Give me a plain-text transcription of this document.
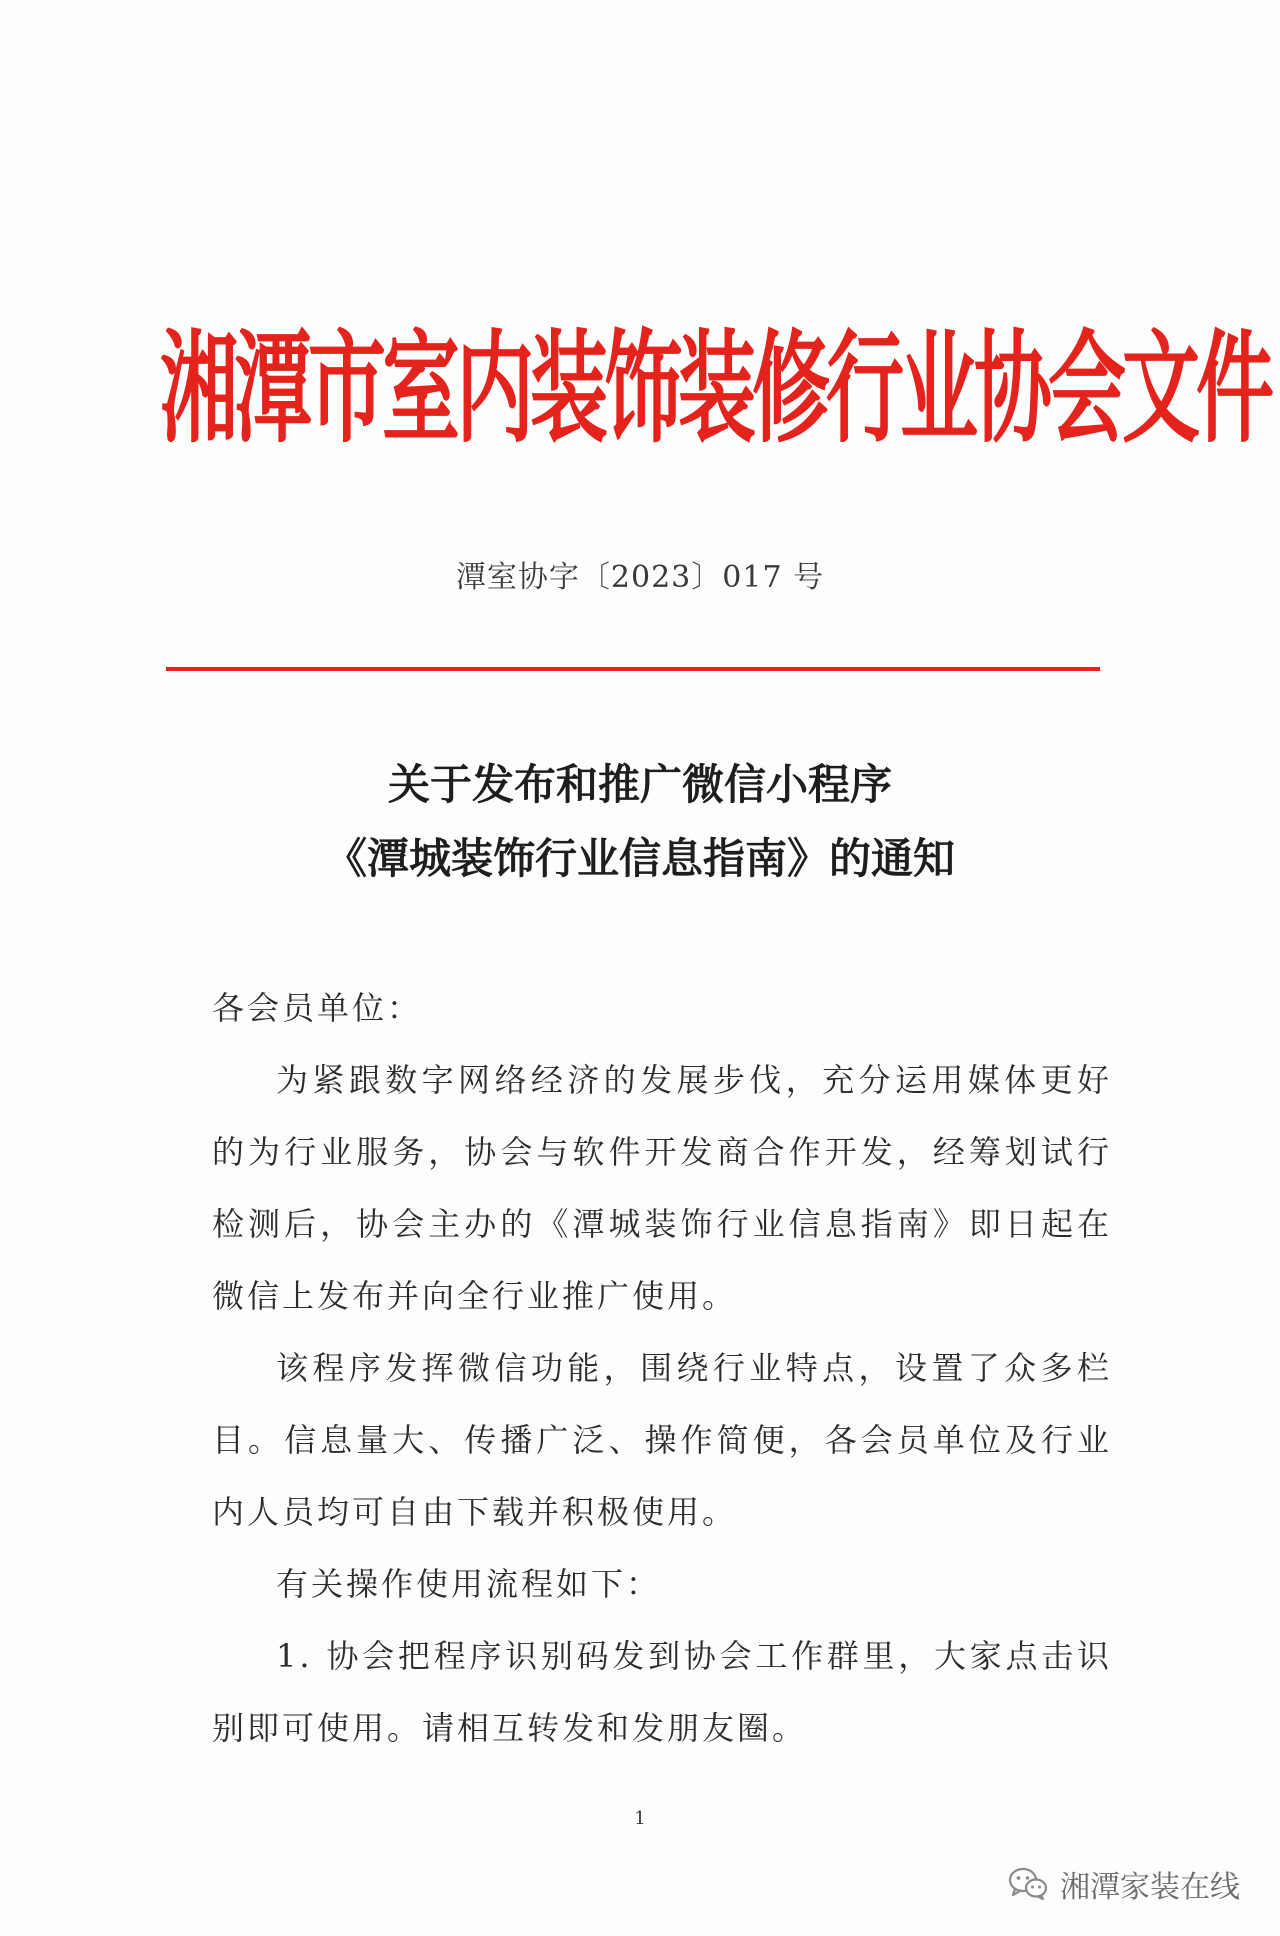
湘潭市室内装饰装修行业协会文件
潭室协字〔2023〕017 号
关于发布和推广微信小程序
《潭城装饰行业信息指南》的通知

各会员单位：

为紧跟数字网络经济的发展步伐，充分运用媒体更好的为行业服务，协会与软件开发商合作开发，经筹划试行检测后，协会主办的《潭城装饰行业信息指南》即日起在微信上发布并向全行业推广使用。

该程序发挥微信功能，围绕行业特点，设置了众多栏目。信息量大、传播广泛、操作简便，各会员单位及行业内人员均可自由下载并积极使用。

有关操作使用流程如下：

1. 协会把程序识别码发到协会工作群里，大家点击识别即可使用。请相互转发和发朋友圈。

1
湘潭家装在线
